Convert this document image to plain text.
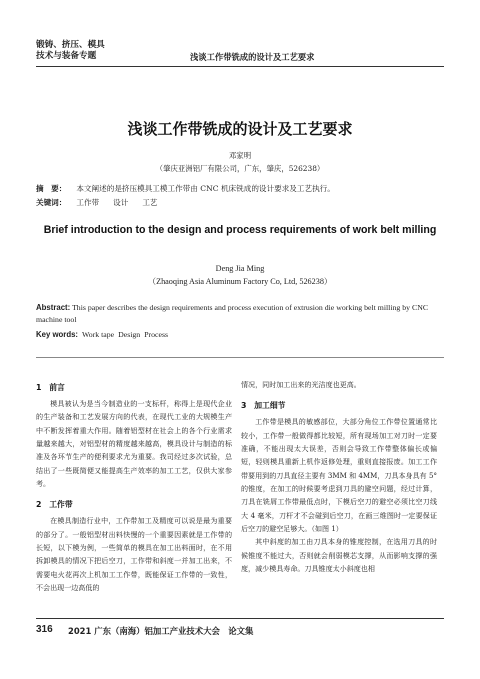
锻铸、挤压、模具
技术与装备专题	浅谈工作带铣成的设计及工艺要求
浅谈工作带铣成的设计及工艺要求
邓家明
（肇庆亚洲铝厂有限公司，广东，肇庆，526238）
摘　要： 本文阐述的是挤压模具工模工作带由 CNC 机床铣成的设计要求及工艺执行。
关键词： 工作带 设计 工艺
Brief introduction to the design and process requirements of work belt milling
Deng Jia Ming
（Zhaoqing Asia Aluminum Factory Co, Ltd, 526238）
Abstract: This paper describes the design requirements and process execution of extrusion die working belt milling by CNC machine tool
Key words: Work tape Design Process
1　前言

模具被认为是当今制造业的一支标杆，称得上是现代企业的生产装备和工艺发展方向的代表，在现代工业的大规模生产中不断发挥着重大作用。随着铝型材在社会上的各个行业需求量越来越大，对铝型材的精度越来越高，模具设计与制造的标准及各环节生产的便利要求尤为重要。我司经过多次试验，总结出了一些既简便又能提高生产效率的加工工艺，仅供大家参考。

2　工作带

在模具制造行业中，工作带加工及精度可以说是最为重要的部分了。一般铝型材出料快慢的一个重要因素就是工作带的长短，以下模为例，一些简单的模具在加工出料面时，在不用拆卸模具的情况下把后空刀，工作带和斜度一并加工出来，不需要电火花再次上机加工工作带，既能保证工作带的一致性，不会出现一边高低的

情况，同时加工出来的光洁度也更高。

3　加工细节

工作带是模具的敏感部位，大部分角位工作带位置通常比较小，工作带一般做得都比较短，所有现场加工对刀时一定要准确，不能出现太大误差，否则会导致工作带整体偏长或偏短，轻则模具重新上机作返修处理，重则直接报废。加工工作带要用到的刀具直径主要有 3MM 和 4MM，刀具本身具有 5°的锥度，在加工的时候要考虑到刀具的避空问题，经过计算，刀具在铣屑工作带最低点时，下模后空刀的避空必须比空刀线大 4 毫米，刀杆才不会碰到后空刀，在画三维图时一定要保证后空刀的避空足够大。（如图 1）

其中斜度的加工由刀具本身的锥度控制，在选用刀具的时候锥度不能过大，否则就会削弱模芯支撑，从而影响支撑的强度，减少模具寿命。刀具锥度太小斜度也相

316 2021 广东（南海）铝加工产业技术大会　论文集
